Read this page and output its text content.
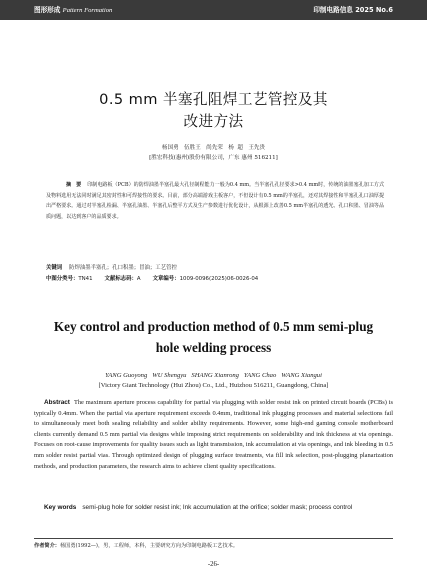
图形形成 Pattern Formation	印制电路信息 2025 No.6
0.5 mm 半塞孔阻焊工艺管控及其
改进方法
杨国勇   伍胜王   尚先荣   杨  超   王先贵
[胜宏科技(惠州)股份有限公司，广东 惠州 516211]
摘　要 印制电路板（PCB）的防焊油墨半塞孔最大孔径制程能力一般为0.4 mm。当半塞孔孔径要求>0.4 mm时，传统的油墨塞孔加工方式及物料选用无法同时满足其密封性和可焊接性的要求。目前，部分高端游戏主板客户，不但设计有0.5 mm的半塞孔，还对其焊接性和半塞孔孔口油厚提出严格要求。通过对半塞孔检漏、半塞孔油墨、半塞孔后整平方式及生产参数进行优化设计，从根源上改善0.5 mm半塞孔的透光、孔口积墨、冒油等品质问题，以达到客户的品质要求。
关键词 防焊油墨半塞孔；孔口积墨；冒油；工艺管控
中图分类号：TN41 文献标志码：A 文章编号：1009-0096(2025)06-0026-04
Key control and production method of 0.5 mm semi-plug
hole welding process
YANG Guoyong   WU Shengyu   SHANG Xianrong   YANG Chao   WANG Xiangui
[Victory Giant Technology (Hui Zhou) Co., Ltd., Huizhou 516211, Guangdong, China]
Abstract The maximum aperture process capability for partial via plugging with solder resist ink on printed circuit boards (PCBs) is typically 0.4mm. When the partial via aperture requirement exceeds 0.4mm, traditional ink plugging processes and material selections fail to simultaneously meet both sealing reliability and solder ability requirements. However, some high-end gaming console motherboard clients currently demand 0.5 mm partial via designs while imposing strict requirements on solderability and ink thickness at via openings. Focuses on root-cause improvements for quality issues such as light transmission, ink accumulation at via openings, and ink bleeding in 0.5 mm solder resist partial vias. Through optimized design of plugging surface treatments, via fill ink selection, post-plugging planarization methods, and production parameters, the research aims to achieve client quality specifications.
Key words semi-plug hole for solder resist ink; Ink accumulation at the orifice; solder mask; process control
作者简介：杨国勇(1992—)，男，工程师，本科，主要研究方向为印制电路板工艺技术。
-26-
